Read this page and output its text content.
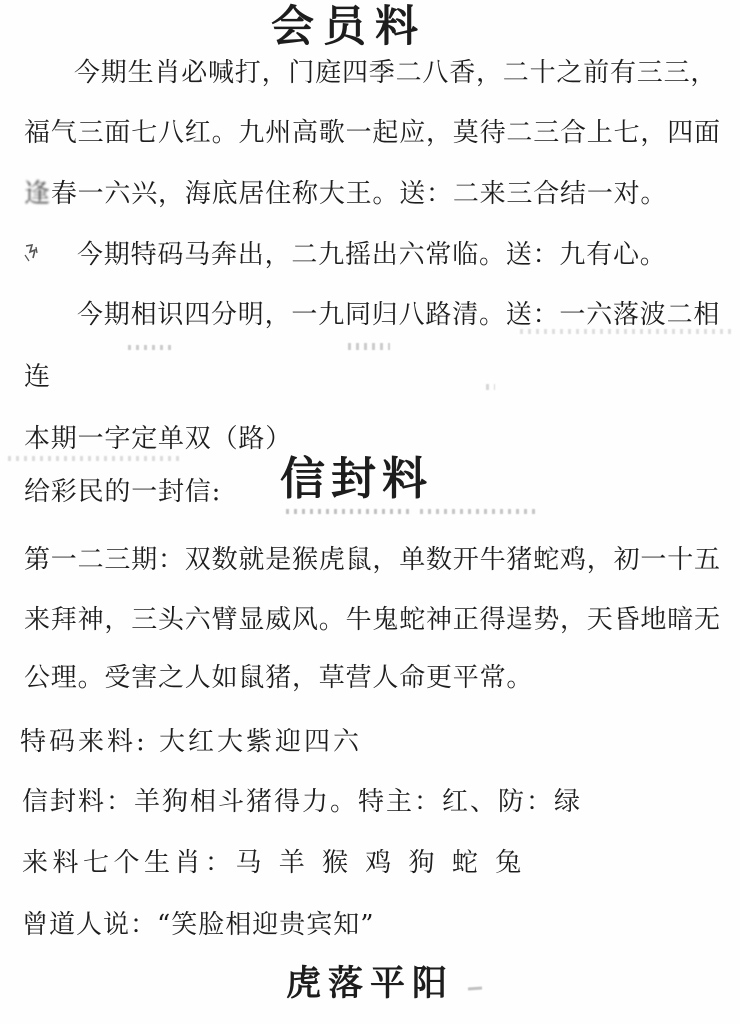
会员料
今期生肖必喊打，门庭四季二八香，二十之前有三三，
福气三面七八红。九州高歌一起应，莫待二三合上七，四面
逢春一六兴，海底居住称大王。送：二来三合结一对。
今期特码马奔出，二九摇出六常临。送：九有心。
今期相识四分明，一九同归八路清。送：一六落波二相
连
本期一字定单双（路）
给彩民的一封信: 信封料
第一二三期：双数就是猴虎鼠，单数开牛猪蛇鸡，初一十五
来拜神，三头六臂显威风。牛鬼蛇神正得逞势，天昏地暗无
公理。受害之人如鼠猪，草营人命更平常。
特码来料: 大红大紫迎四六
信封料：羊狗相斗猪得力。特主：红、防：绿
来料七个生肖：马 羊 猴 鸡 狗 蛇 兔
曾道人说：“笑脸相迎贵宾知”
虎落平阳
